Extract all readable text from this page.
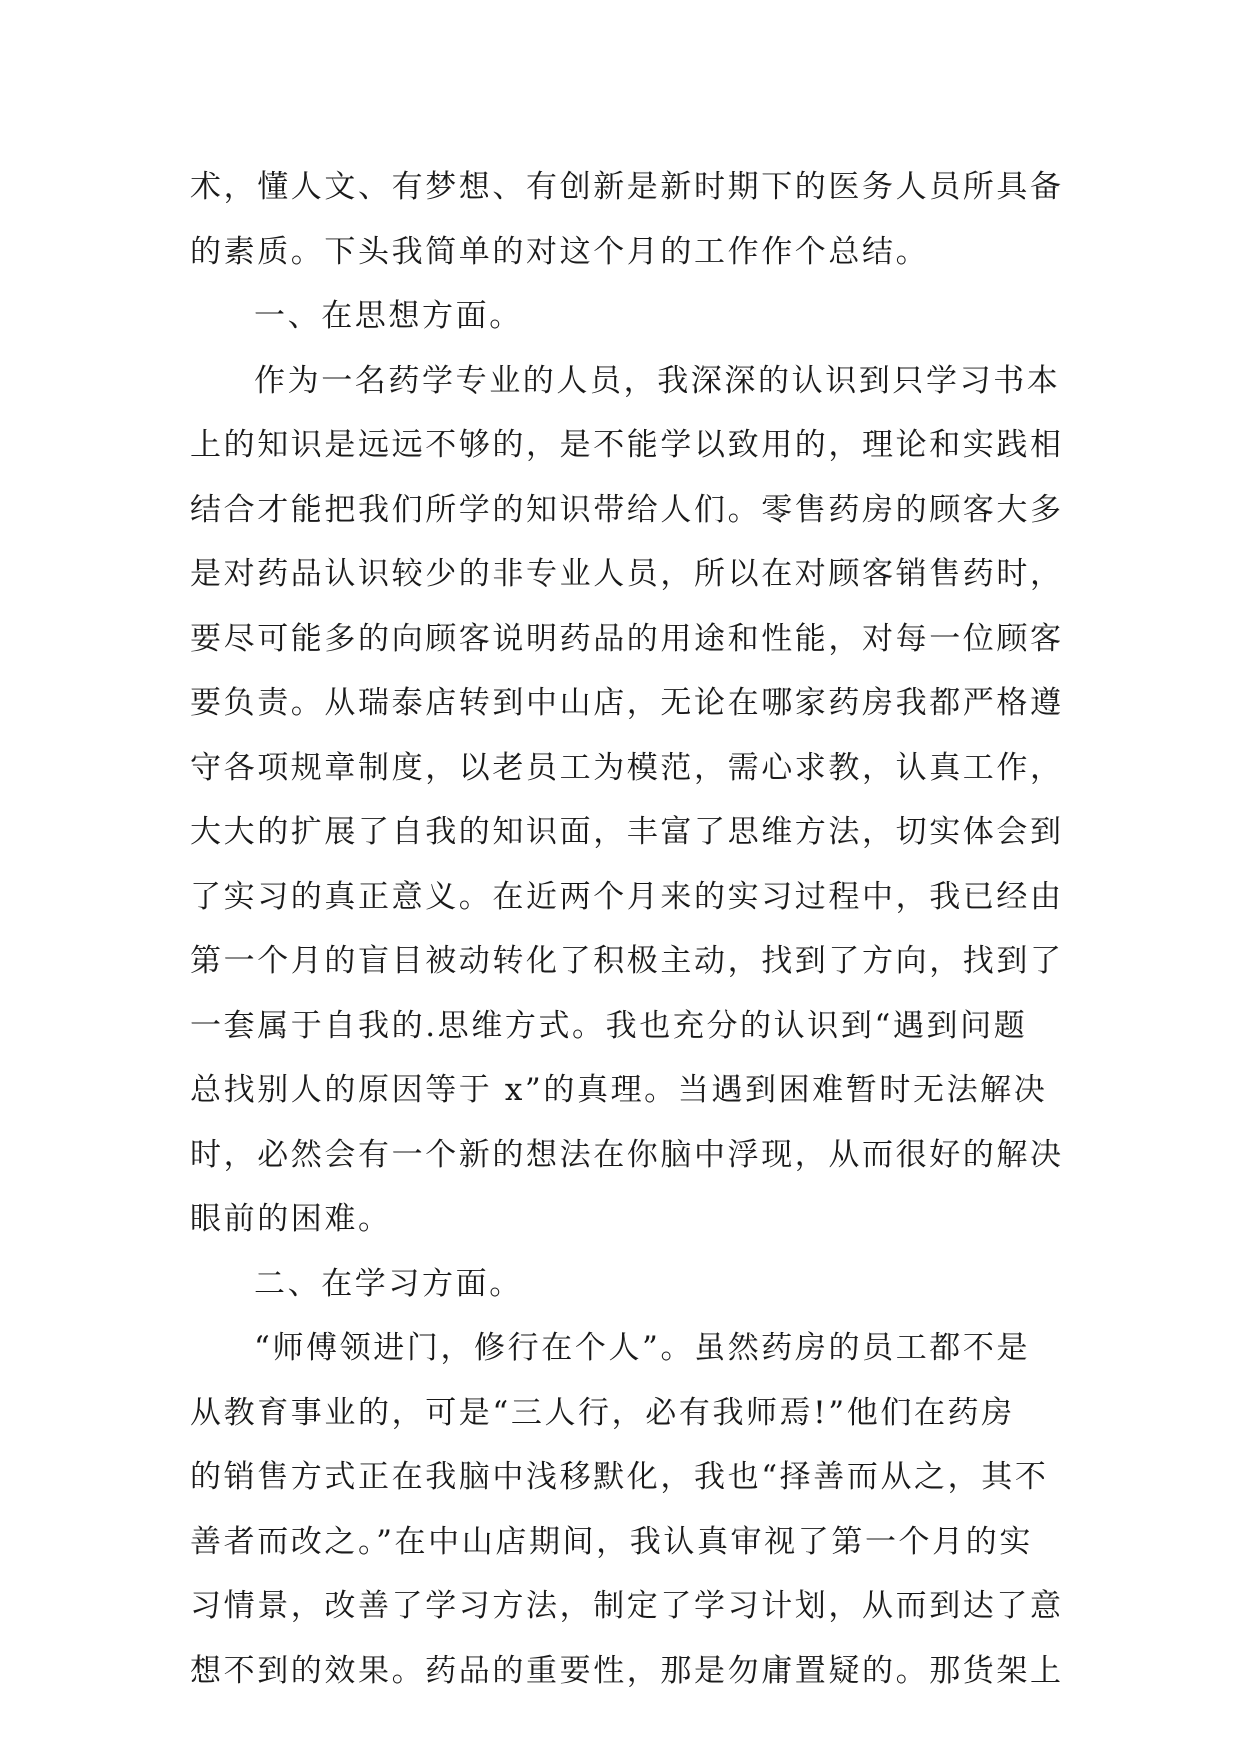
术，懂人文、有梦想、有创新是新时期下的医务人员所具备
的素质。下头我简单的对这个月的工作作个总结。
一、在思想方面。
作为一名药学专业的人员，我深深的认识到只学习书本
上的知识是远远不够的，是不能学以致用的，理论和实践相
结合才能把我们所学的知识带给人们。零售药房的顾客大多
是对药品认识较少的非专业人员，所以在对顾客销售药时，
要尽可能多的向顾客说明药品的用途和性能，对每一位顾客
要负责。从瑞泰店转到中山店，无论在哪家药房我都严格遵
守各项规章制度，以老员工为模范，需心求教，认真工作，
大大的扩展了自我的知识面，丰富了思维方法，切实体会到
了实习的真正意义。在近两个月来的实习过程中，我已经由
第一个月的盲目被动转化了积极主动，找到了方向，找到了
一套属于自我的.思维方式。我也充分的认识到“遇到问题
总找别人的原因等于 x”的真理。当遇到困难暂时无法解决
时，必然会有一个新的想法在你脑中浮现，从而很好的解决
眼前的困难。
二、在学习方面。
“师傅领进门，修行在个人”。虽然药房的员工都不是
从教育事业的，可是“三人行，必有我师焉!”他们在药房
的销售方式正在我脑中浅移默化，我也“择善而从之，其不
善者而改之。”在中山店期间，我认真审视了第一个月的实
习情景，改善了学习方法，制定了学习计划，从而到达了意
想不到的效果。药品的重要性，那是勿庸置疑的。那货架上
